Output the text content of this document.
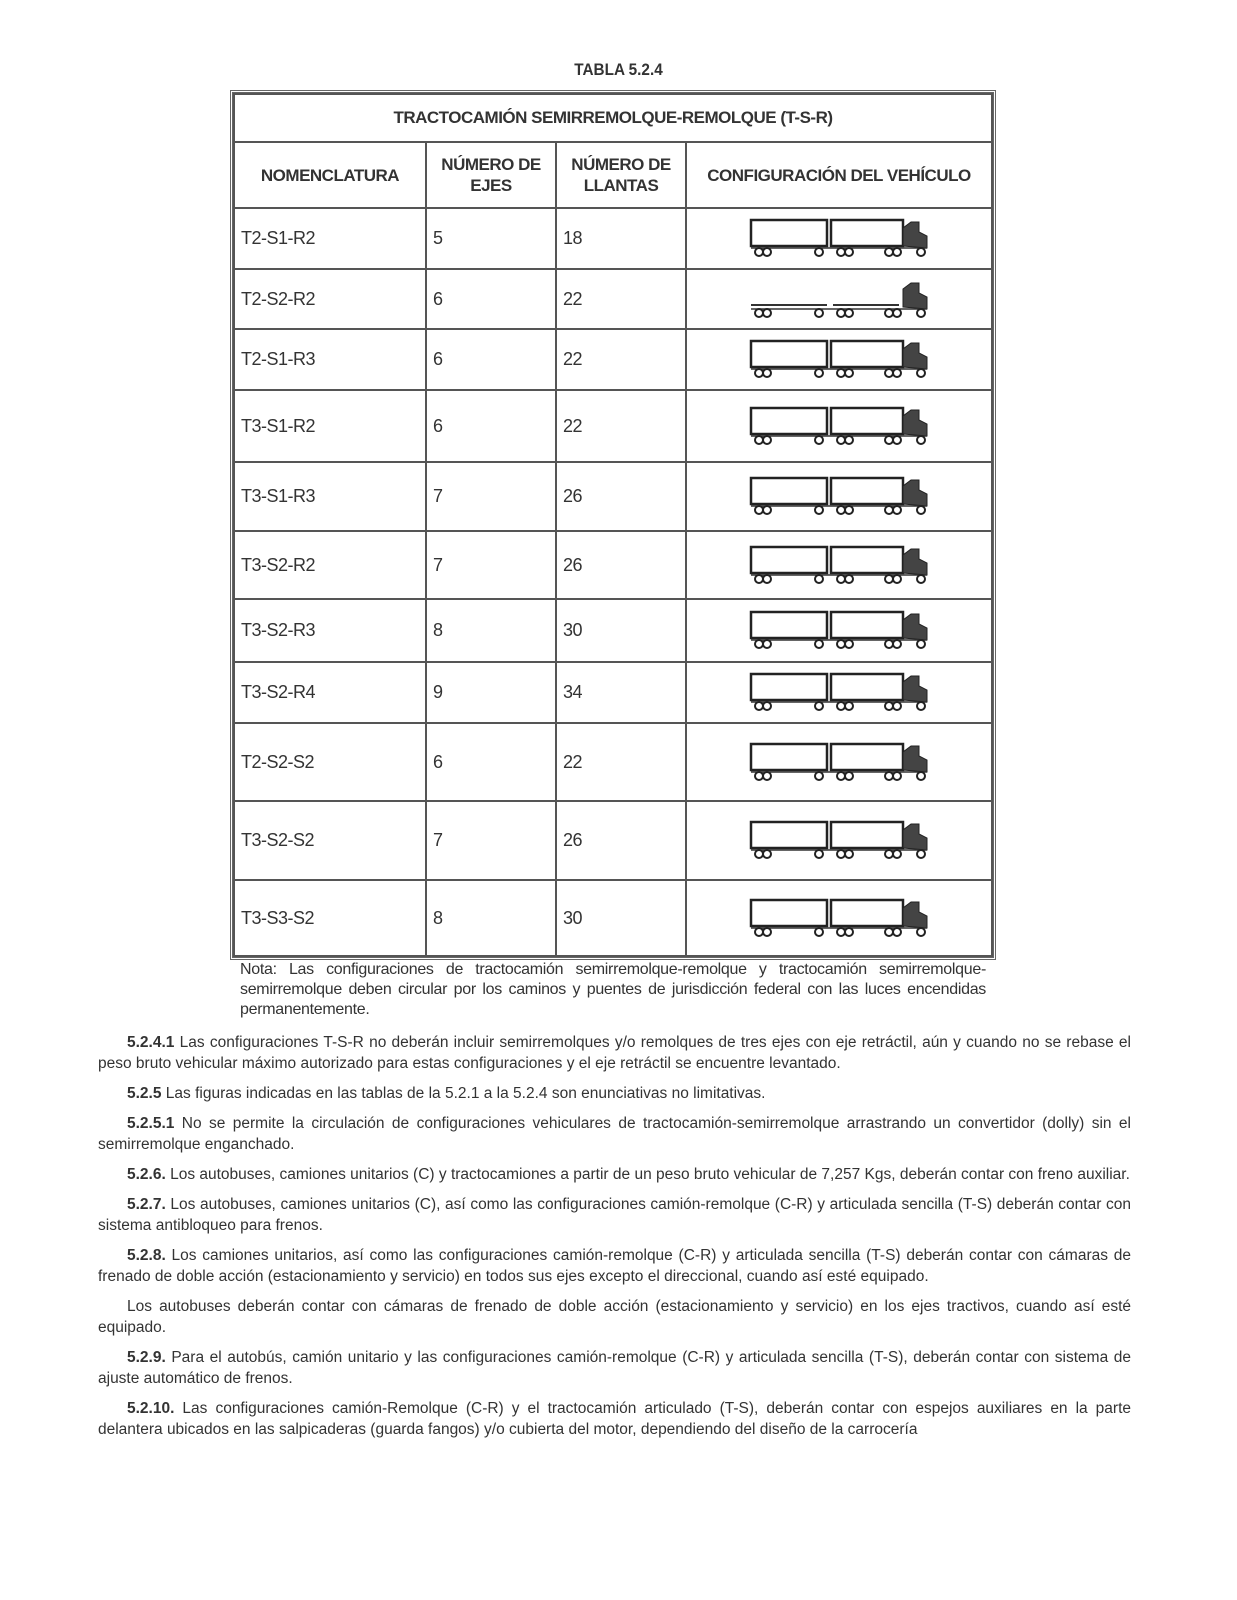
TABLA 5.2.4
TRACTOCAMIÓN SEMIRREMOLQUE-REMOLQUE (T-S-R)			
NOMENCLATURA	NÚMERO DE EJES	NÚMERO DE LLANTAS	CONFIGURACIÓN DEL VEHÍCULO
T2-S1-R2	5	18	
T2-S2-R2	6	22	
T2-S1-R3	6	22	
T3-S1-R2	6	22	
T3-S1-R3	7	26	
T3-S2-R2	7	26	
T3-S2-R3	8	30	
T3-S2-R4	9	34	
T2-S2-S2	6	22	
T3-S2-S2	7	26	
T3-S3-S2	8	30	
Nota: Las configuraciones de tractocamión semirremolque-remolque y tractocamión semirremolque-semirremolque deben circular por los caminos y puentes de jurisdicción federal con las luces encendidas permanentemente.

5.2.4.1 Las configuraciones T-S-R no deberán incluir semirremolques y/o remolques de tres ejes con eje retráctil, aún y cuando no se rebase el peso bruto vehicular máximo autorizado para estas configuraciones y el eje retráctil se encuentre levantado.

5.2.5 Las figuras indicadas en las tablas de la 5.2.1 a la 5.2.4 son enunciativas no limitativas.

5.2.5.1 No se permite la circulación de configuraciones vehiculares de tractocamión-semirremolque arrastrando un convertidor (dolly) sin el semirremolque enganchado.

5.2.6. Los autobuses, camiones unitarios (C) y tractocamiones a partir de un peso bruto vehicular de 7,257 Kgs, deberán contar con freno auxiliar.

5.2.7. Los autobuses, camiones unitarios (C), así como las configuraciones camión-remolque (C-R) y articulada sencilla (T-S) deberán contar con sistema antibloqueo para frenos.

5.2.8. Los camiones unitarios, así como las configuraciones camión-remolque (C-R) y articulada sencilla (T-S) deberán contar con cámaras de frenado de doble acción (estacionamiento y servicio) en todos sus ejes excepto el direccional, cuando así esté equipado.

Los autobuses deberán contar con cámaras de frenado de doble acción (estacionamiento y servicio) en los ejes tractivos, cuando así esté equipado.

5.2.9. Para el autobús, camión unitario y las configuraciones camión-remolque (C-R) y articulada sencilla (T-S), deberán contar con sistema de ajuste automático de frenos.

5.2.10. Las configuraciones camión-Remolque (C-R) y el tractocamión articulado (T-S), deberán contar con espejos auxiliares en la parte delantera ubicados en las salpicaderas (guarda fangos) y/o cubierta del motor, dependiendo del diseño de la carrocería
